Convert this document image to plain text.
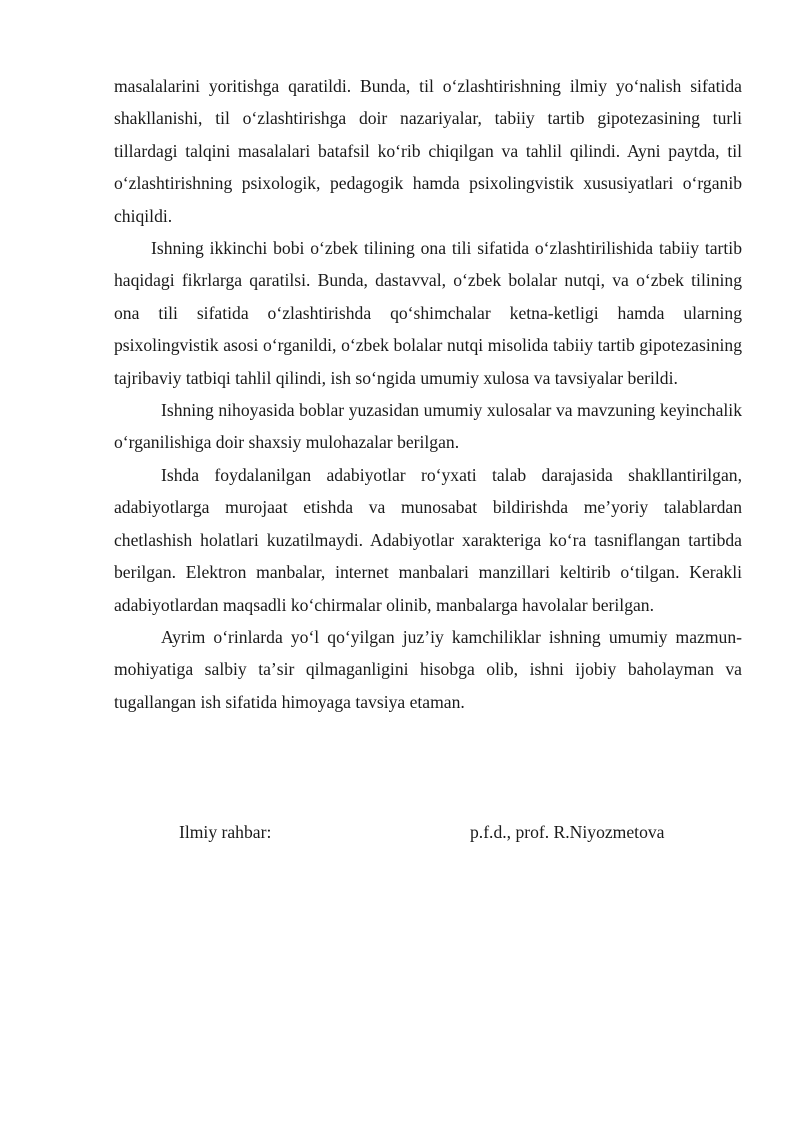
masalalarini yoritishga qaratildi. Bunda, til oʻzlashtirishning ilmiy yoʻnalish sifatida shakllanishi, til oʻzlashtirishga doir nazariyalar, tabiiy tartib gipotezasining turli tillardagi talqini masalalari batafsil koʻrib chiqilgan va tahlil qilindi. Ayni paytda, til oʻzlashtirishning psixologik, pedagogik hamda psixolingvistik xususiyatlari oʻrganib chiqildi.

Ishning ikkinchi bobi oʻzbek tilining ona tili sifatida oʻzlashtirilishida tabiiy tartib haqidagi fikrlarga qaratilsi. Bunda, dastavval, oʻzbek bolalar nutqi, va oʻzbek tilining ona tili sifatida oʻzlashtirishda qoʻshimchalar ketna-ketligi hamda ularning psixolingvistik asosi oʻrganildi, oʻzbek bolalar nutqi misolida tabiiy tartib gipotezasining tajribaviy tatbiqi tahlil qilindi, ish soʻngida umumiy xulosa va tavsiyalar berildi.

Ishning nihoyasida boblar yuzasidan umumiy xulosalar va mavzuning keyinchalik oʻrganilishiga doir shaxsiy mulohazalar berilgan.

Ishda foydalanilgan adabiyotlar roʻyxati talab darajasida shakllantirilgan, adabiyotlarga murojaat etishda va munosabat bildirishda meʼyoriy talablardan chetlashish holatlari kuzatilmaydi. Adabiyotlar xarakteriga koʻra tasniflangan tartibda berilgan. Elektron manbalar, internet manbalari manzillari keltirib oʻtilgan. Kerakli adabiyotlardan maqsadli koʻchirmalar olinib, manbalarga havolalar berilgan.

Ayrim oʻrinlarda yoʻl qoʻyilgan juzʼiy kamchiliklar ishning umumiy mazmun-mohiyatiga salbiy taʼsir qilmaganligini hisobga olib, ishni ijobiy baholayman va tugallangan ish sifatida himoyaga tavsiya etaman.

Ilmiy rahbar:	p.f.d., prof. R.Niyozmetova
